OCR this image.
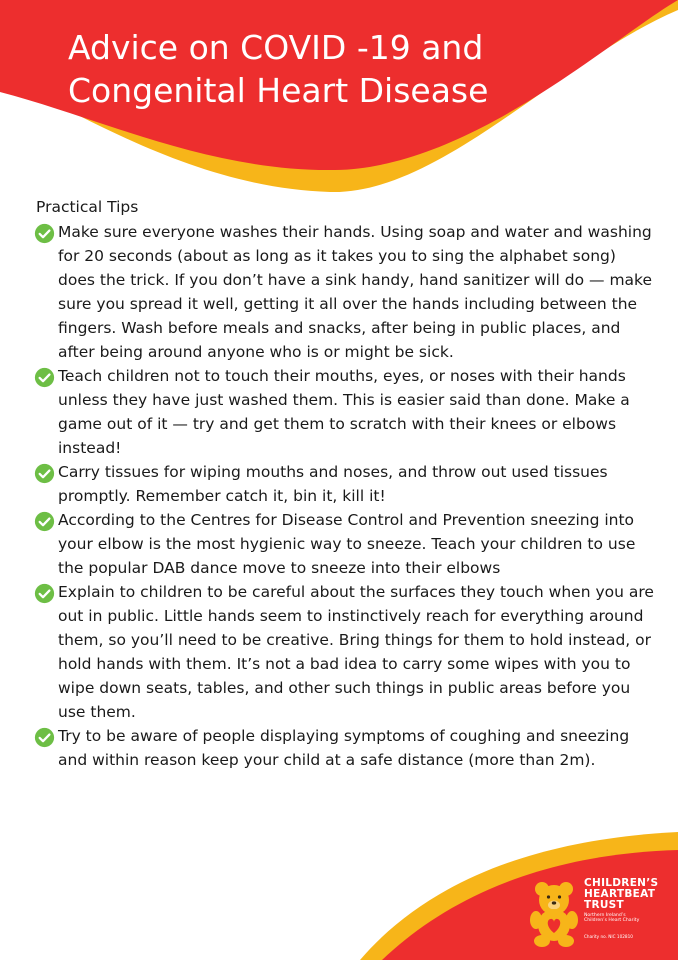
Advice on COVID -19 and
Congenital Heart Disease

Practical Tips

Make sure everyone washes their hands. Using soap and water and washing for 20 seconds (about as long as it takes you to sing the alphabet song) does the trick. If you don’t have a sink handy, hand sanitizer will do — make sure you spread it well, getting it all over the hands including between the fingers. Wash before meals and snacks, after being in public places, and after being around anyone who is or might be sick.
Teach children not to touch their mouths, eyes, or noses with their hands unless they have just washed them. This is easier said than done. Make a game out of it — try and get them to scratch with their knees or elbows instead!
Carry tissues for wiping mouths and noses, and throw out used tissues promptly. Remember catch it, bin it, kill it!
According to the Centres for Disease Control and Prevention sneezing into your elbow is the most hygienic way to sneeze. Teach your children to use the popular DAB dance move to sneeze into their elbows
Explain to children to be careful about the surfaces they touch when you are out in public. Little hands seem to instinctively reach for everything around them, so you’ll need to be creative. Bring things for them to hold instead, or hold hands with them. It’s not a bad idea to carry some wipes with you to wipe down seats, tables, and other such things in public areas before you use them.
Try to be aware of people displaying symptoms of coughing and sneezing and within reason keep your child at a safe distance (more than 2m).
CHILDREN’S
HEARTBEAT
TRUST
Northern Ireland’s
Children’s Heart Charity
Charity no. NIC 102810
